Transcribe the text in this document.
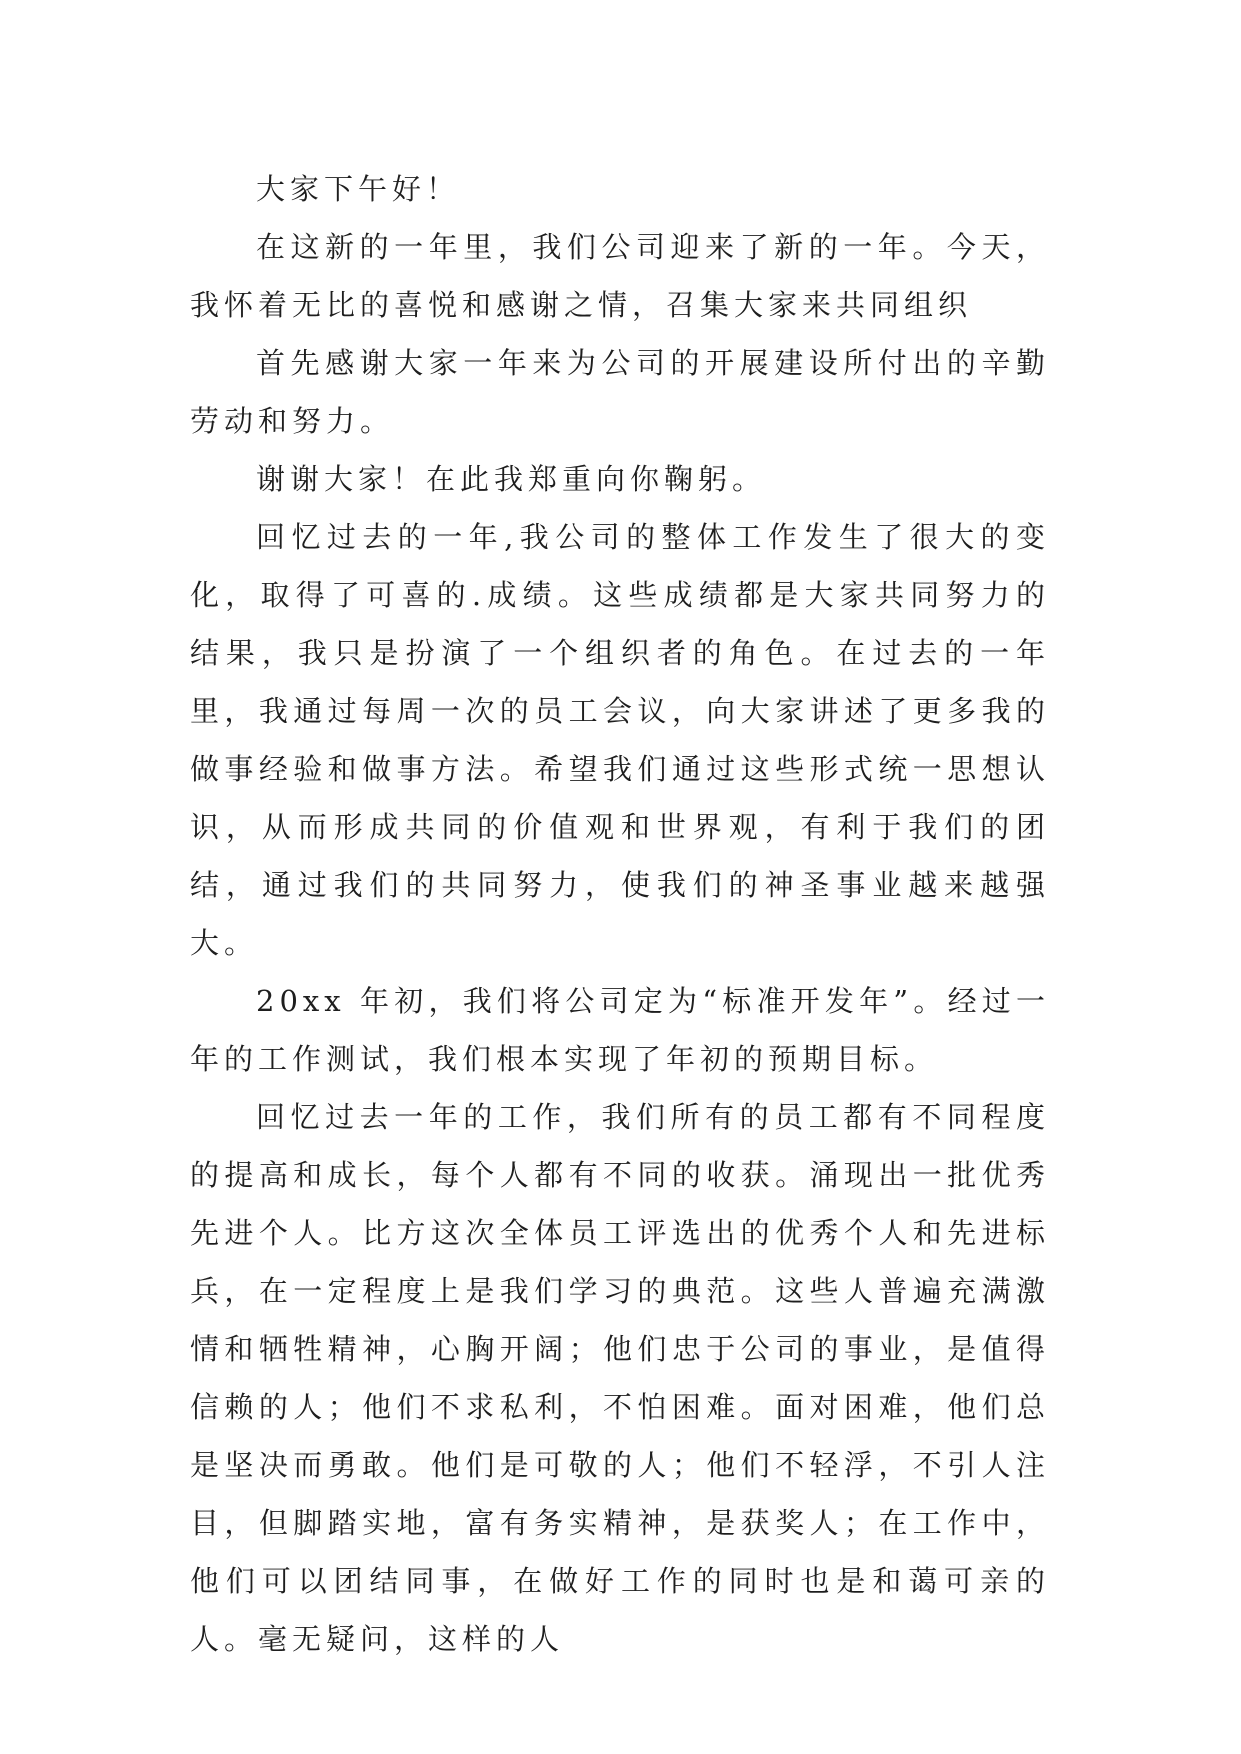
大家下午好！

在这新的一年里，我们公司迎来了新的一年。今天，我怀着无比的喜悦和感谢之情，召集大家来共同组织

首先感谢大家一年来为公司的开展建设所付出的辛勤劳动和努力。

谢谢大家！在此我郑重向你鞠躬。

回忆过去的一年,我公司的整体工作发生了很大的变化，取得了可喜的.成绩。这些成绩都是大家共同努力的结果，我只是扮演了一个组织者的角色。在过去的一年里，我通过每周一次的员工会议，向大家讲述了更多我的做事经验和做事方法。希望我们通过这些形式统一思想认识，从而形成共同的价值观和世界观，有利于我们的团结，通过我们的共同努力，使我们的神圣事业越来越强大。

20xx 年初，我们将公司定为“标准开发年”。经过一年的工作测试，我们根本实现了年初的预期目标。

回忆过去一年的工作，我们所有的员工都有不同程度的提高和成长，每个人都有不同的收获。涌现出一批优秀先进个人。比方这次全体员工评选出的优秀个人和先进标兵，在一定程度上是我们学习的典范。这些人普遍充满激情和牺牲精神，心胸开阔；他们忠于公司的事业，是值得信赖的人；他们不求私利，不怕困难。面对困难，他们总是坚决而勇敢。他们是可敬的人；他们不轻浮，不引人注目，但脚踏实地，富有务实精神，是获奖人；在工作中，他们可以团结同事，在做好工作的同时也是和蔼可亲的人。毫无疑问，这样的人
